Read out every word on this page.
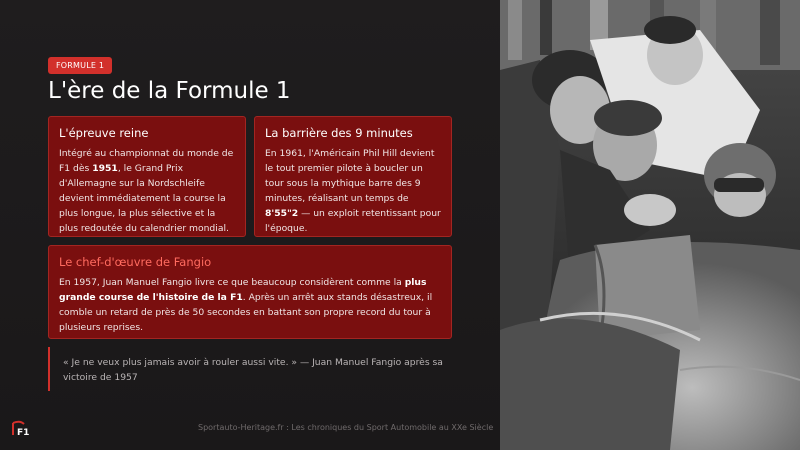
FORMULE 1
L'ère de la Formule 1
L'épreuve reine

Intégré au championnat du monde de F1 dès 1951, le Grand Prix d'Allemagne sur la Nordschleife devient immédiatement la course la plus longue, la plus sélective et la plus redoutée du calendrier mondial.

La barrière des 9 minutes

En 1961, l'Américain Phil Hill devient le tout premier pilote à boucler un tour sous la mythique barre des 9 minutes, réalisant un temps de 8'55"2 — un exploit retentissant pour l'époque.

Le chef-d'œuvre de Fangio

En 1957, Juan Manuel Fangio livre ce que beaucoup considèrent comme la plus grande course de l'histoire de la F1. Après un arrêt aux stands désastreux, il comble un retard de près de 50 secondes en battant son propre record du tour à plusieurs reprises.

« Je ne veux plus jamais avoir à rouler aussi vite. » — Juan Manuel Fangio après sa victoire de 1957
F1
Sportauto-Heritage.fr : Les chroniques du Sport Automobile au XXe Siècle
